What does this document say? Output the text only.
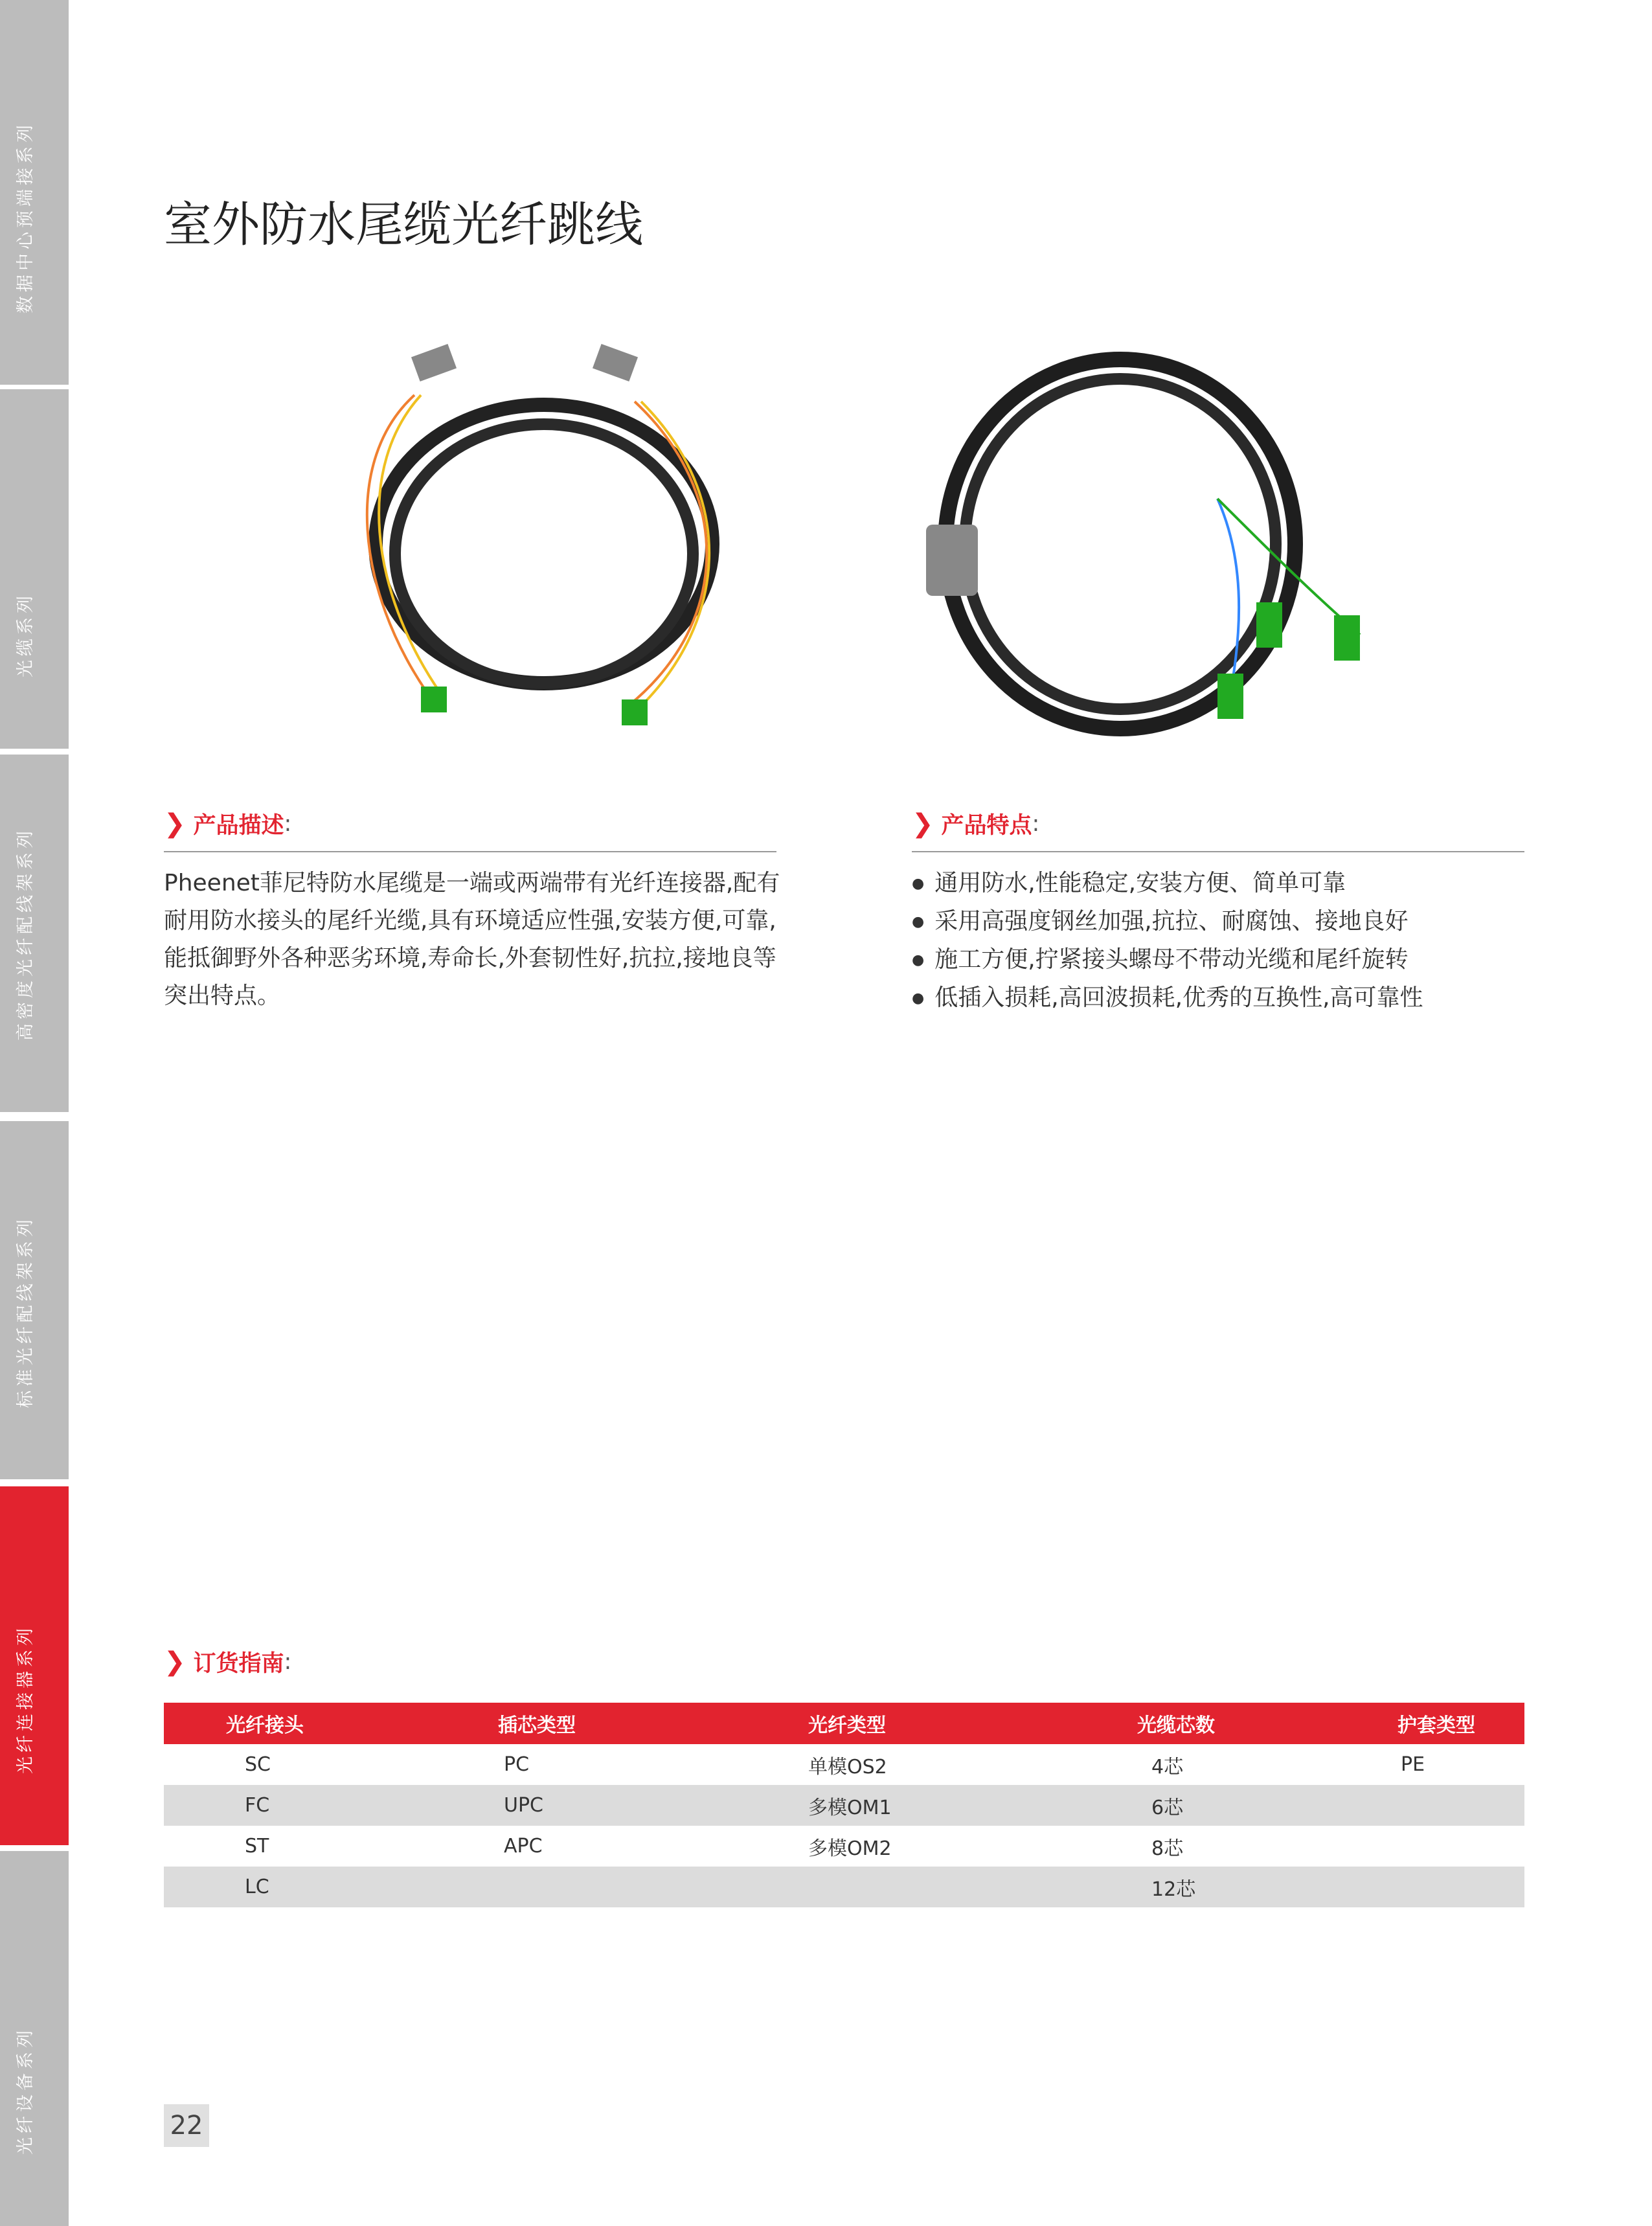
数据中心预端接系列
光缆系列
高密度光纤配线架系列
标准光纤配线架系列
光纤连接器系列
光纤设备系列
室外防水尾缆光纤跳线
❯ 产品描述 :

Pheenet菲尼特防水尾缆是一端或两端带有光纤连接器,配有耐用防水接头的尾纤光缆,具有环境适应性强,安装方便,可靠,能抵御野外各种恶劣环境,寿命长,外套韧性好,抗拉,接地良等突出特点。

❯ 产品特点 :
● 通用防水,性能稳定,安装方便、简单可靠
● 采用高强度钢丝加强,抗拉、耐腐蚀、接地良好
● 施工方便,拧紧接头螺母不带动光缆和尾纤旋转
● 低插入损耗,高回波损耗,优秀的互换性,高可靠性
❯ 订货指南 :
光纤接头	插芯类型	光纤类型	光缆芯数	护套类型
SC	PC	单模OS2	4芯	PE
FC	UPC	多模OM1	6芯	
ST	APC	多模OM2	8芯	
LC			12芯	
22
